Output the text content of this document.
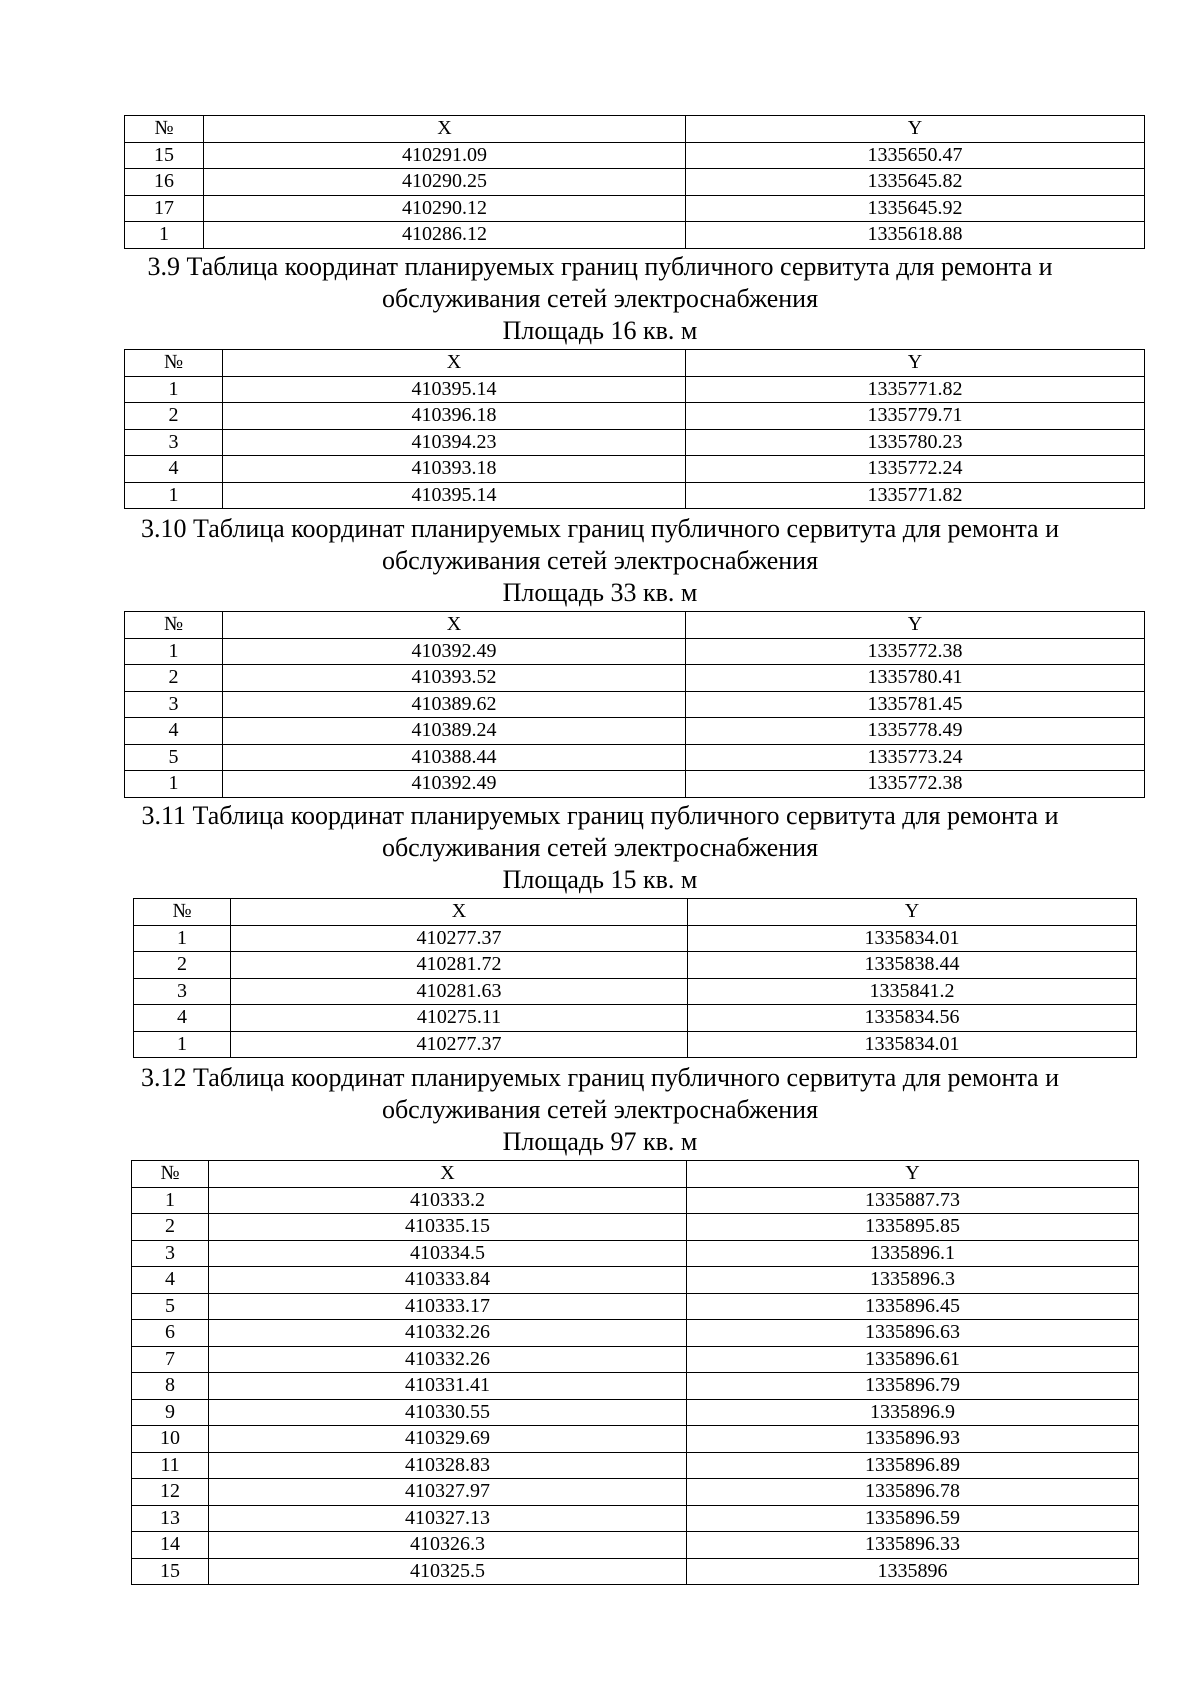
№	X	Y
15	410291.09	1335650.47
16	410290.25	1335645.82
17	410290.12	1335645.92
1	410286.12	1335618.88
3.9 Таблица координат планируемых границ публичного сервитута для ремонта и
обслуживания сетей электроснабжения
Площадь 16 кв. м
№	X	Y
1	410395.14	1335771.82
2	410396.18	1335779.71
3	410394.23	1335780.23
4	410393.18	1335772.24
1	410395.14	1335771.82
3.10 Таблица координат планируемых границ публичного сервитута для ремонта и
обслуживания сетей электроснабжения
Площадь 33 кв. м
№	X	Y
1	410392.49	1335772.38
2	410393.52	1335780.41
3	410389.62	1335781.45
4	410389.24	1335778.49
5	410388.44	1335773.24
1	410392.49	1335772.38
3.11 Таблица координат планируемых границ публичного сервитута для ремонта и
обслуживания сетей электроснабжения
Площадь 15 кв. м
№	X	Y
1	410277.37	1335834.01
2	410281.72	1335838.44
3	410281.63	1335841.2
4	410275.11	1335834.56
1	410277.37	1335834.01
3.12 Таблица координат планируемых границ публичного сервитута для ремонта и
обслуживания сетей электроснабжения
Площадь 97 кв. м
№	X	Y
1	410333.2	1335887.73
2	410335.15	1335895.85
3	410334.5	1335896.1
4	410333.84	1335896.3
5	410333.17	1335896.45
6	410332.26	1335896.63
7	410332.26	1335896.61
8	410331.41	1335896.79
9	410330.55	1335896.9
10	410329.69	1335896.93
11	410328.83	1335896.89
12	410327.97	1335896.78
13	410327.13	1335896.59
14	410326.3	1335896.33
15	410325.5	1335896
